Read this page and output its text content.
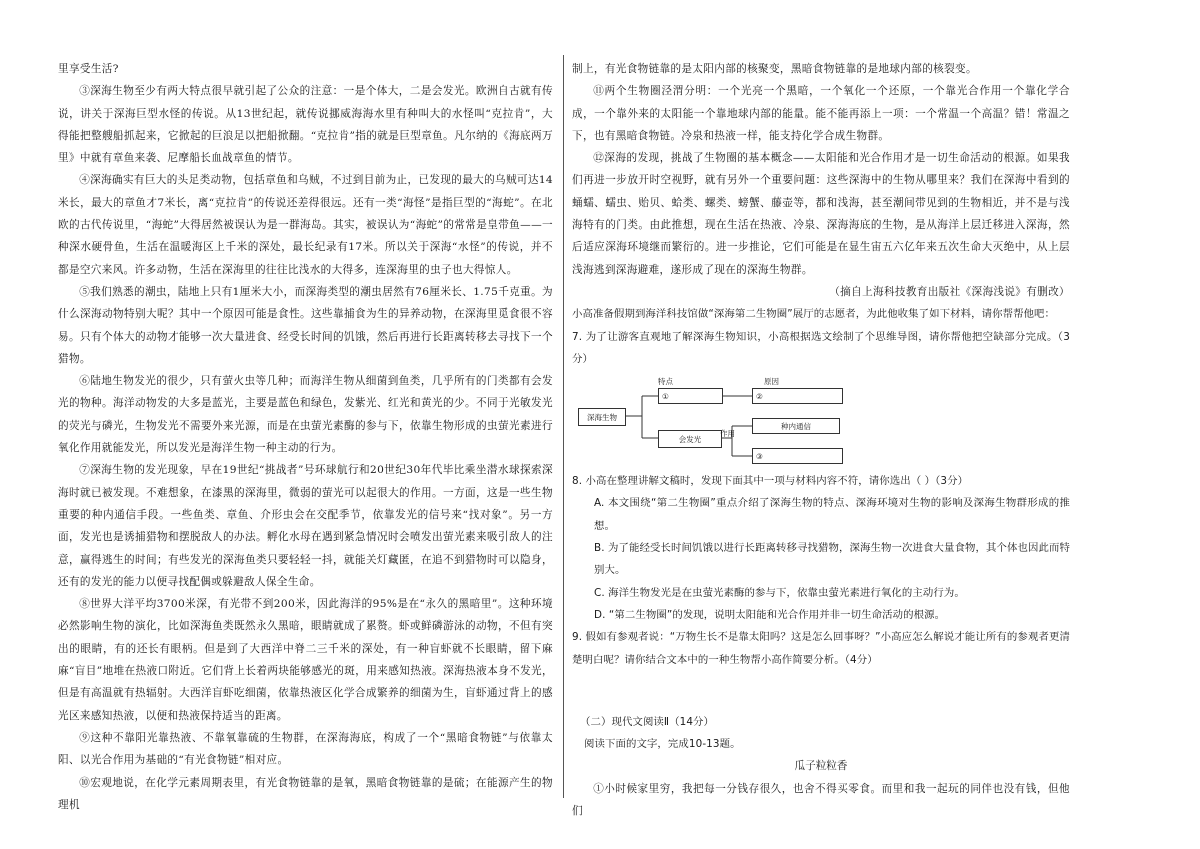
里享受生活?

③深海生物至少有两大特点很早就引起了公众的注意：一是个体大，二是会发光。欧洲自古就有传说，讲关于深海巨型水怪的传说。从13世纪起，就传说挪威海海水里有种叫大的水怪叫“克拉肯”，大得能把整艘船抓起来，它掀起的巨浪足以把船掀翻。“克拉肯”指的就是巨型章鱼。凡尔纳的《海底两万里》中就有章鱼来袭、尼摩船长血战章鱼的情节。

④深海确实有巨大的头足类动物，包括章鱼和乌贼，不过到目前为止，已发现的最大的乌贼可达14米长，最大的章鱼才7米长，离“克拉肯”的传说还差得很远。还有一类“海怪”是指巨型的“海蛇”。在北欧的古代传说里，“海蛇”大得居然被误认为是一群海岛。其实，被误认为“海蛇”的常常是皇带鱼——一种深水硬骨鱼，生活在温暖海区上千米的深处，最长纪录有17米。所以关于深海“水怪”的传说，并不都是空穴来风。许多动物，生活在深海里的往往比浅水的大得多，连深海里的虫子也大得惊人。

⑤我们熟悉的潮虫，陆地上只有1厘米大小，而深海类型的潮虫居然有76厘米长、1.75千克重。为什么深海动物特别大呢？其中一个原因可能是食性。这些靠捕食为生的异养动物，在深海里觅食很不容易。只有个体大的动物才能够一次大量进食、经受长时间的饥饿，然后再进行长距离转移去寻找下一个猎物。

⑥陆地生物发光的很少，只有萤火虫等几种；而海洋生物从细菌到鱼类，几乎所有的门类都有会发光的物种。海洋动物发的大多是蓝光，主要是蓝色和绿色，发紫光、红光和黄光的少。不同于光敏发光的荧光与磷光，生物发光不需要外来光源，而是在虫萤光素酶的参与下，依靠生物形成的虫萤光素进行氧化作用就能发光，所以发光是海洋生物一种主动的行为。

⑦深海生物的发光现象，早在19世纪“挑战者”号环球航行和20世纪30年代毕比乘坐潜水球探索深海时就已被发现。不难想象，在漆黑的深海里，微弱的萤光可以起很大的作用。一方面，这是一些生物重要的种内通信手段。一些鱼类、章鱼、介形虫会在交配季节，依靠发光的信号来“找对象”。另一方面，发光也是诱捕猎物和摆脱敌人的办法。孵化水母在遇到紧急情况时会喷发出萤光素来吸引敌人的注意，赢得逃生的时间；有些发光的深海鱼类只要轻轻一抖，就能关灯藏匿，在追不到猎物时可以隐身，还有的发光的能力以便寻找配偶或躲避敌人保全生命。

⑧世界大洋平均3700米深，有光带不到200米，因此海洋的95%是在“永久的黑暗里”。这种环境必然影响生物的演化，比如深海鱼类既然永久黑暗，眼睛就成了累赘。虾或鲜磷游泳的动物，不但有突出的眼睛，有的还长有眼柄。但是到了大西洋中脊二三千米的深处，有一种盲虾就不长眼睛，留下麻麻“盲目”地堆在热液口附近。它们背上长着两块能够感光的斑，用来感知热液。深海热液本身不发光，但是有高温就有热辐射。大西洋盲虾吃细菌，依靠热液区化学合成繁养的细菌为生，盲虾通过背上的感光区来感知热液，以便和热液保持适当的距离。

⑨这种不靠阳光靠热液、不靠氧靠硫的生物群，在深海海底，构成了一个“黑暗食物链”与依靠太阳、以光合作用为基础的“有光食物链”相对应。

⑩宏观地说，在化学元素周期表里，有光食物链靠的是氧，黑暗食物链靠的是硫；在能源产生的物理机

制上，有光食物链靠的是太阳内部的核聚变，黑暗食物链靠的是地球内部的核裂变。

⑪两个生物圈泾渭分明：一个光亮一个黑暗，一个氧化一个还原，一个靠光合作用一个靠化学合成，一个靠外来的太阳能一个靠地球内部的能量。能不能再添上一项：一个常温一个高温？错！常温之下，也有黑暗食物链。冷泉和热液一样，能支持化学合成生物群。

⑫深海的发现，挑战了生物圈的基本概念——太阳能和光合作用才是一切生命活动的根源。如果我们再进一步放开时空视野，就有另外一个重要问题：这些深海中的生物从哪里来？我们在深海中看到的蛹蠕、蠕虫、贻贝、蛤类、螺类、螃蟹、藤壶等，都和浅海，甚至潮间带见到的生物相近，并不是与浅海特有的门类。由此推想，现在生活在热液、冷泉、深海海底的生物，是从海洋上层迁移进入深海，然后适应深海环境继而繁衍的。进一步推论，它们可能是在显生宙五六亿年来五次生命大灭绝中，从上层浅海逃到深海避难，遂形成了现在的深海生物群。

（摘自上海科技教育出版社《深海浅说》有删改）

小高准备假期到海洋科技馆做“深海第二生物圈”展厅的志愿者，为此他收集了如下材料，请你帮帮他吧：

7. 为了让游客直观地了解深海生物知识，小高根据选文绘制了个思维导图，请你帮他把空缺部分完成。（3分）

深海生物
特点
①
会发光
原因
②
作用
种内通信
③

8. 小高在整理讲解文稿时，发现下面其中一项与材料内容不符，请你选出（ ）（3分）

A. 本文围绕“第二生物圈”重点介绍了深海生物的特点、深海环境对生物的影响及深海生物群形成的推想。

B. 为了能经受长时间饥饿以进行长距离转移寻找猎物，深海生物一次进食大量食物，其个体也因此而特别大。

C. 海洋生物发光是在虫萤光素酶的参与下，依靠虫萤光素进行氧化的主动行为。

D. “第二生物圈”的发现，说明太阳能和光合作用并非一切生命活动的根源。

9. 假如有参观者说：“万物生长不是靠太阳吗？这是怎么回事呀？”小高应怎么解说才能让所有的参观者更清楚明白呢？请你结合文本中的一种生物帮小高作简要分析。（4分）

（二）现代文阅读Ⅱ（14分）

阅读下面的文字，完成10-13题。

瓜子粒粒香

①小时候家里穷，我把每一分钱存很久，也舍不得买零食。而里和我一起玩的同伴也没有钱，但他们
